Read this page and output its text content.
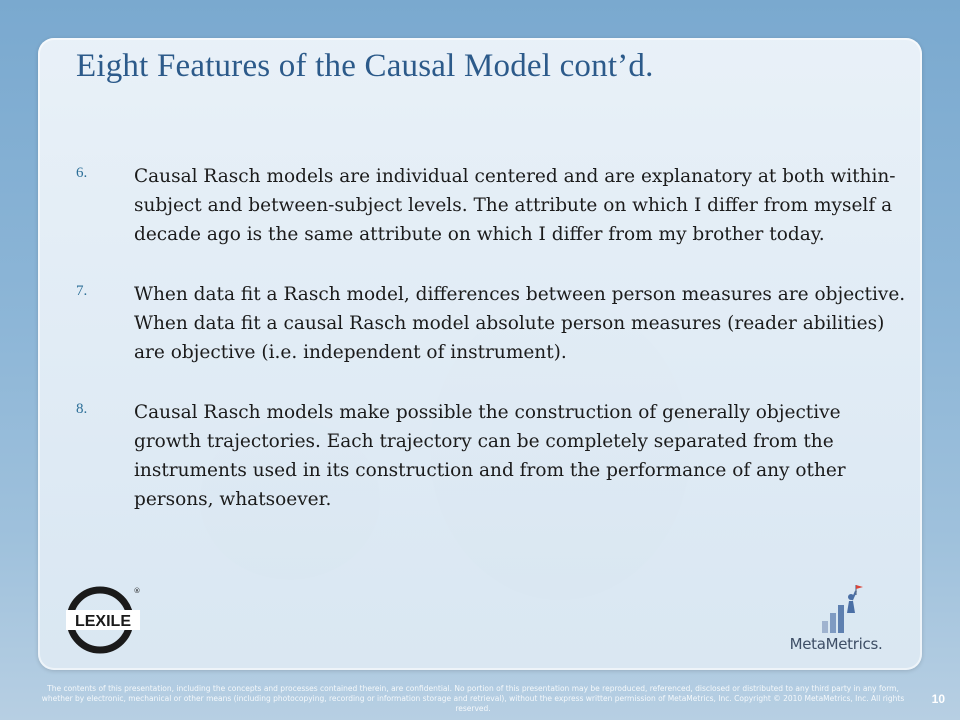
Eight Features of the Causal Model cont’d.
6.	Causal Rasch models are individual centered and are explanatory at both within-subject and between-subject levels. The attribute on which I differ from myself a decade ago is the same attribute on which I differ from my brother today.

7.	When data fit a Rasch model, differences between person measures are objective. When data fit a causal Rasch model absolute person measures (reader abilities) are objective (i.e. independent of instrument).

8.	Causal Rasch models make possible the construction of generally objective growth trajectories. Each trajectory can be completely separated from the instruments used in its construction and from the performance of any other persons, whatsoever.

LEXILE
®
MetaMetrics.
The contents of this presentation, including the concepts and processes contained therein, are confidential. No portion of this presentation may be reproduced, referenced, disclosed or distributed to any third party in any form, whether by electronic, mechanical or other means (including photocopying, recording or information storage and retrieval), without the express written permission of MetaMetrics, Inc. Copyright © 2010 MetaMetrics, Inc. All rights reserved.
10
